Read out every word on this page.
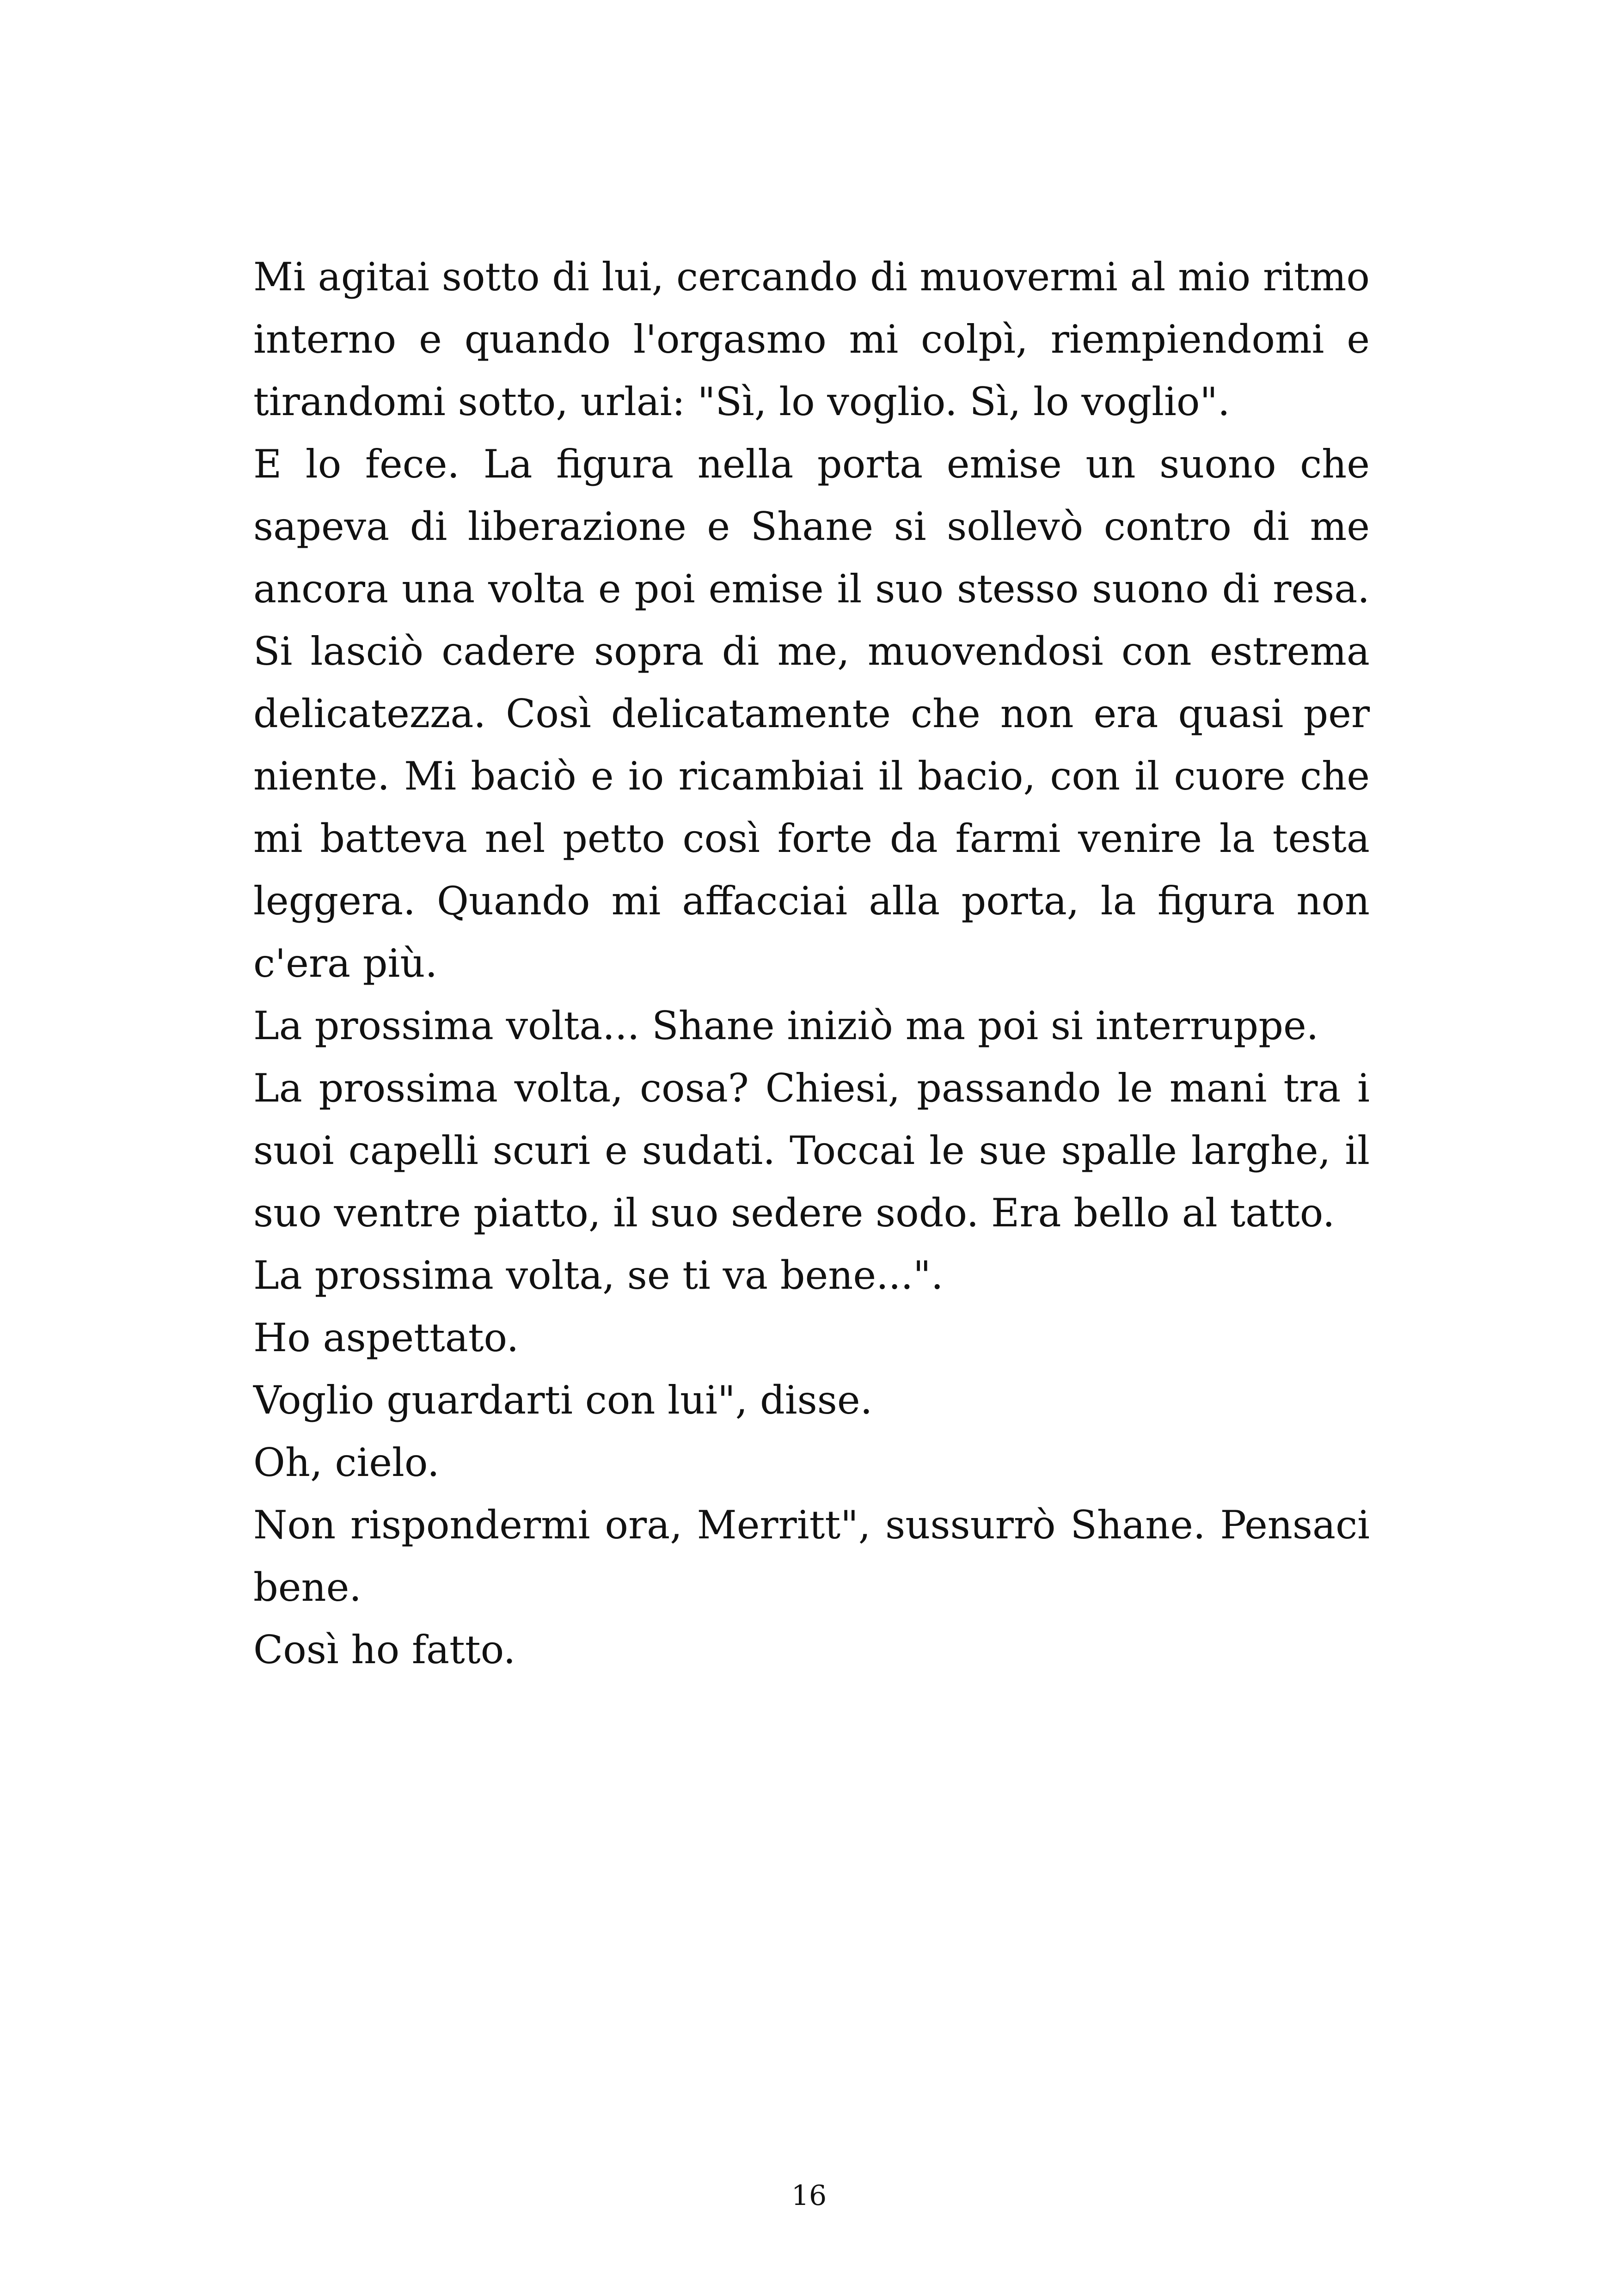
Mi agitai sotto di lui, cercando di muovermi al mio ritmo interno e quando l'orgasmo mi colpì, riempiendomi e tirandomi sotto, urlai: "Sì, lo voglio. Sì, lo voglio".

E lo fece. La figura nella porta emise un suono che sapeva di liberazione e Shane si sollevò contro di me ancora una volta e poi emise il suo stesso suono di resa. Si lasciò cadere sopra di me, muovendosi con estrema delicatezza. Così delicatamente che non era quasi per niente. Mi baciò e io ricambiai il bacio, con il cuore che mi batteva nel petto così forte da farmi venire la testa leggera. Quando mi affacciai alla porta, la figura non c'era più.

La prossima volta... Shane iniziò ma poi si interruppe.

La prossima volta, cosa? Chiesi, passando le mani tra i suoi capelli scuri e sudati. Toccai le sue spalle larghe, il suo ventre piatto, il suo sedere sodo. Era bello al tatto.

La prossima volta, se ti va bene...".

Ho aspettato.

Voglio guardarti con lui", disse.

Oh, cielo.

Non rispondermi ora, Merritt", sussurrò Shane. Pensaci bene.

Così ho fatto.

16
